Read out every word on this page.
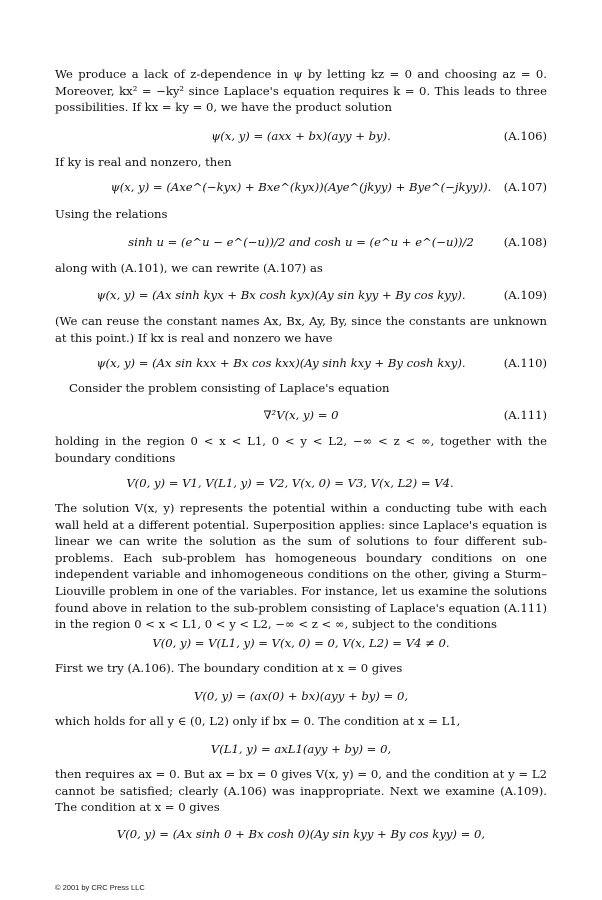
We produce a lack of z-dependence in ψ by letting kz = 0 and choosing az = 0. Moreover, kx² = −ky² since Laplace's equation requires k = 0. This leads to three possibilities. If kx = ky = 0, we have the product solution

ψ(x, y) = (axx + bx)(ayy + by).	(A.106)

If ky is real and nonzero, then

ψ(x, y) = (Axe^(−kyx) + Bxe^(kyx))(Aye^(jkyy) + Bye^(−jkyy)). (A.107)

Using the relations

sinh u = (e^u − e^(−u))/2 and cosh u = (e^u + e^(−u))/2	(A.108)

along with (A.101), we can rewrite (A.107) as

ψ(x, y) = (Ax sinh kyx + Bx cosh kyx)(Ay sin kyy + By cos kyy).	(A.109)

(We can reuse the constant names Ax, Bx, Ay, By, since the constants are unknown at this point.) If kx is real and nonzero we have

ψ(x, y) = (Ax sin kxx + Bx cos kxx)(Ay sinh kxy + By cosh kxy).	(A.110)

Consider the problem consisting of Laplace's equation

∇²V(x, y) = 0	(A.111)

holding in the region 0 < x < L1, 0 < y < L2, −∞ < z < ∞, together with the boundary conditions

V(0, y) = V1, V(L1, y) = V2, V(x, 0) = V3, V(x, L2) = V4.

The solution V(x, y) represents the potential within a conducting tube with each wall held at a different potential. Superposition applies: since Laplace's equation is linear we can write the solution as the sum of solutions to four different sub-problems. Each sub-problem has homogeneous boundary conditions on one independent variable and inhomogeneous conditions on the other, giving a Sturm–Liouville problem in one of the variables. For instance, let us examine the solutions found above in relation to the sub-problem consisting of Laplace's equation (A.111) in the region 0 < x < L1, 0 < y < L2, −∞ < z < ∞, subject to the conditions

V(0, y) = V(L1, y) = V(x, 0) = 0, V(x, L2) = V4 ≠ 0.

First we try (A.106). The boundary condition at x = 0 gives

V(0, y) = (ax(0) + bx)(ayy + by) = 0,

which holds for all y ∈ (0, L2) only if bx = 0. The condition at x = L1,

V(L1, y) = axL1(ayy + by) = 0,

then requires ax = 0. But ax = bx = 0 gives V(x, y) = 0, and the condition at y = L2 cannot be satisfied; clearly (A.106) was inappropriate. Next we examine (A.109). The condition at x = 0 gives

V(0, y) = (Ax sinh 0 + Bx cosh 0)(Ay sin kyy + By cos kyy) = 0,
© 2001 by CRC Press LLC
